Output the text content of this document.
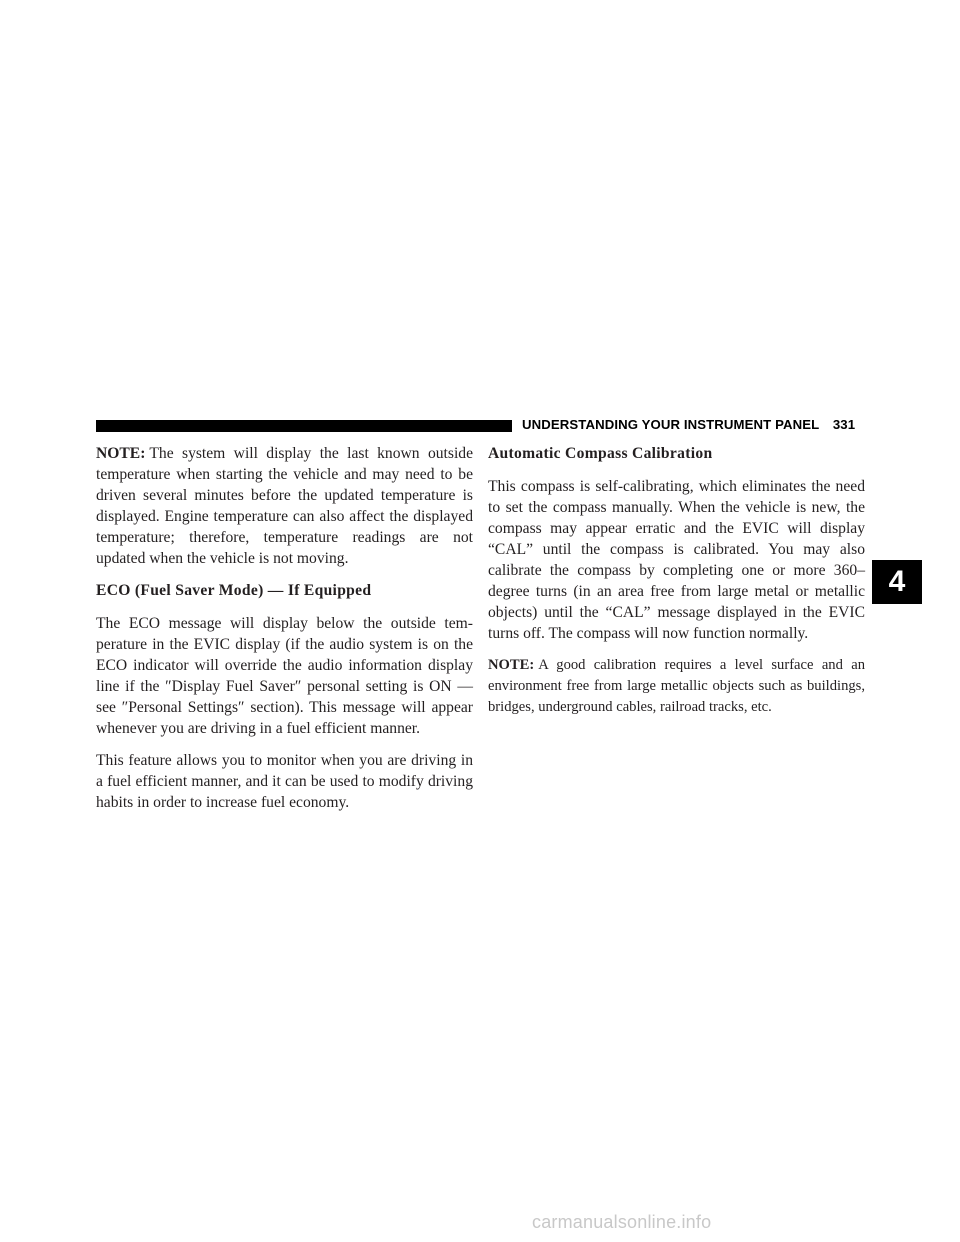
UNDERSTANDING YOUR INSTRUMENT PANEL 331

NOTE: The system will display the last known outside temperature when starting the vehicle and may need to be driven several minutes before the updated temperature is displayed. Engine temperature can also affect the displayed temperature; therefore, temperature readings are not updated when the vehicle is not moving.

ECO (Fuel Saver Mode) — If Equipped

The ECO message will display below the outside temperature in the EVIC display (if the audio system is on the ECO indicator will override the audio information display line if the ″Display Fuel Saver″ personal setting is ON — see ″Personal Settings″ section). This message will appear whenever you are driving in a fuel efficient manner.

This feature allows you to monitor when you are driving in a fuel efficient manner, and it can be used to modify driving habits in order to increase fuel economy.

Automatic Compass Calibration

This compass is self-calibrating, which eliminates the need to set the compass manually. When the vehicle is new, the compass may appear erratic and the EVIC will display “CAL” until the compass is calibrated. You may also calibrate the compass by completing one or more 360–degree turns (in an area free from large metal or metallic objects) until the “CAL” message displayed in the EVIC turns off. The compass will now function normally.

NOTE: A good calibration requires a level surface and an environment free from large metallic objects such as buildings, bridges, underground cables, railroad tracks, etc.

4
carmanualsonline.info
